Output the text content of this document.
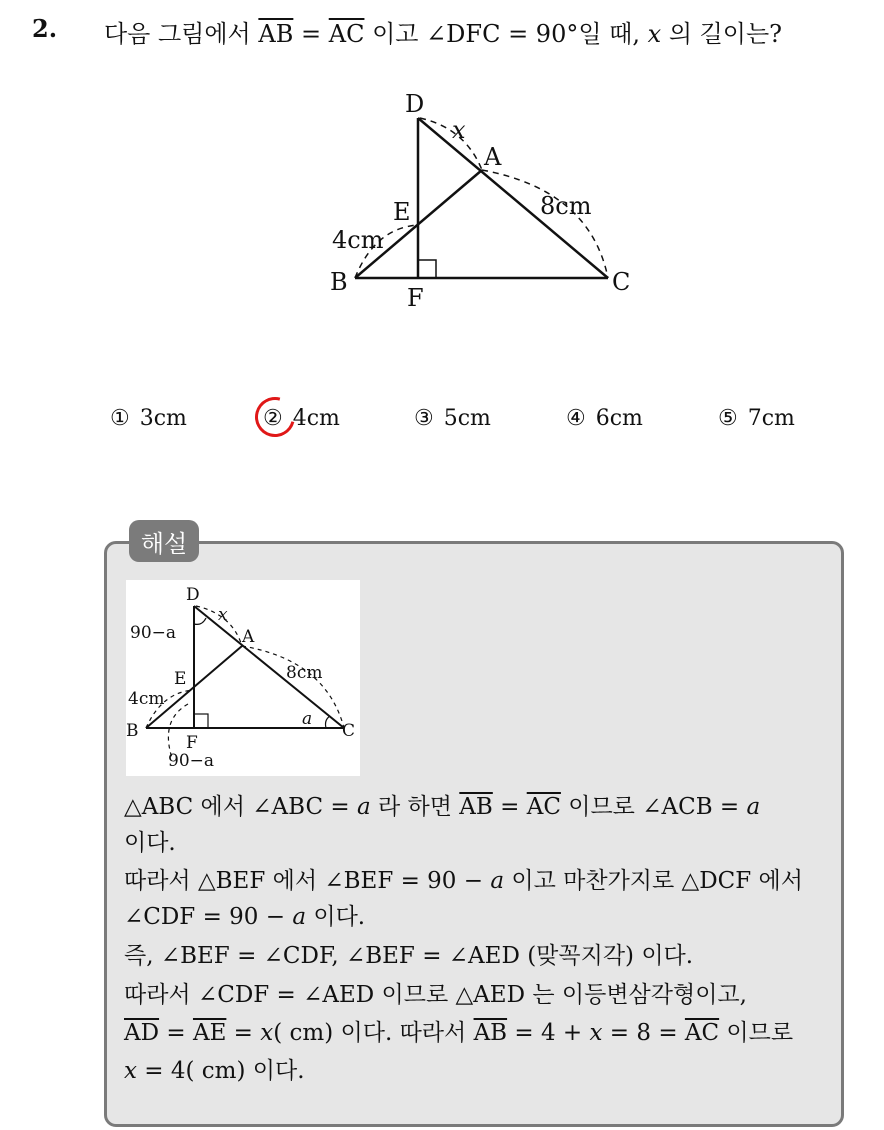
2. 다음 그림에서 $\overline{AB} = \overline{AC}$ 이고 ∠DFC = 90°일 때, x 의 길이는?
D
A
E
B
F
C
x
4cm
8cm
① 3cm	② 4cm	③ 5cm	④ 6cm	⑤ 7cm
해설
D
A
E
B
F
C
x
90−a
90−a
a
4cm
8cm
△ABC 에서 ∠ABC = a 라 하면 $\overline{AB} = \overline{AC}$ 이므로 ∠ACB = a
이다.
따라서 △BEF 에서 ∠BEF = 90 − a 이고 마찬가지로 △DCF 에서
∠CDF = 90 − a 이다.
즉, ∠BEF = ∠CDF, ∠BEF = ∠AED (맞꼭지각) 이다.
따라서 ∠CDF = ∠AED 이므로 △AED 는 이등변삼각형이고,
$\overline{AD} = \overline{AE} = x$( cm) 이다. 따라서 $\overline{AB} = 4 + x = 8 = \overline{AC}$ 이므로
x = 4( cm) 이다.
